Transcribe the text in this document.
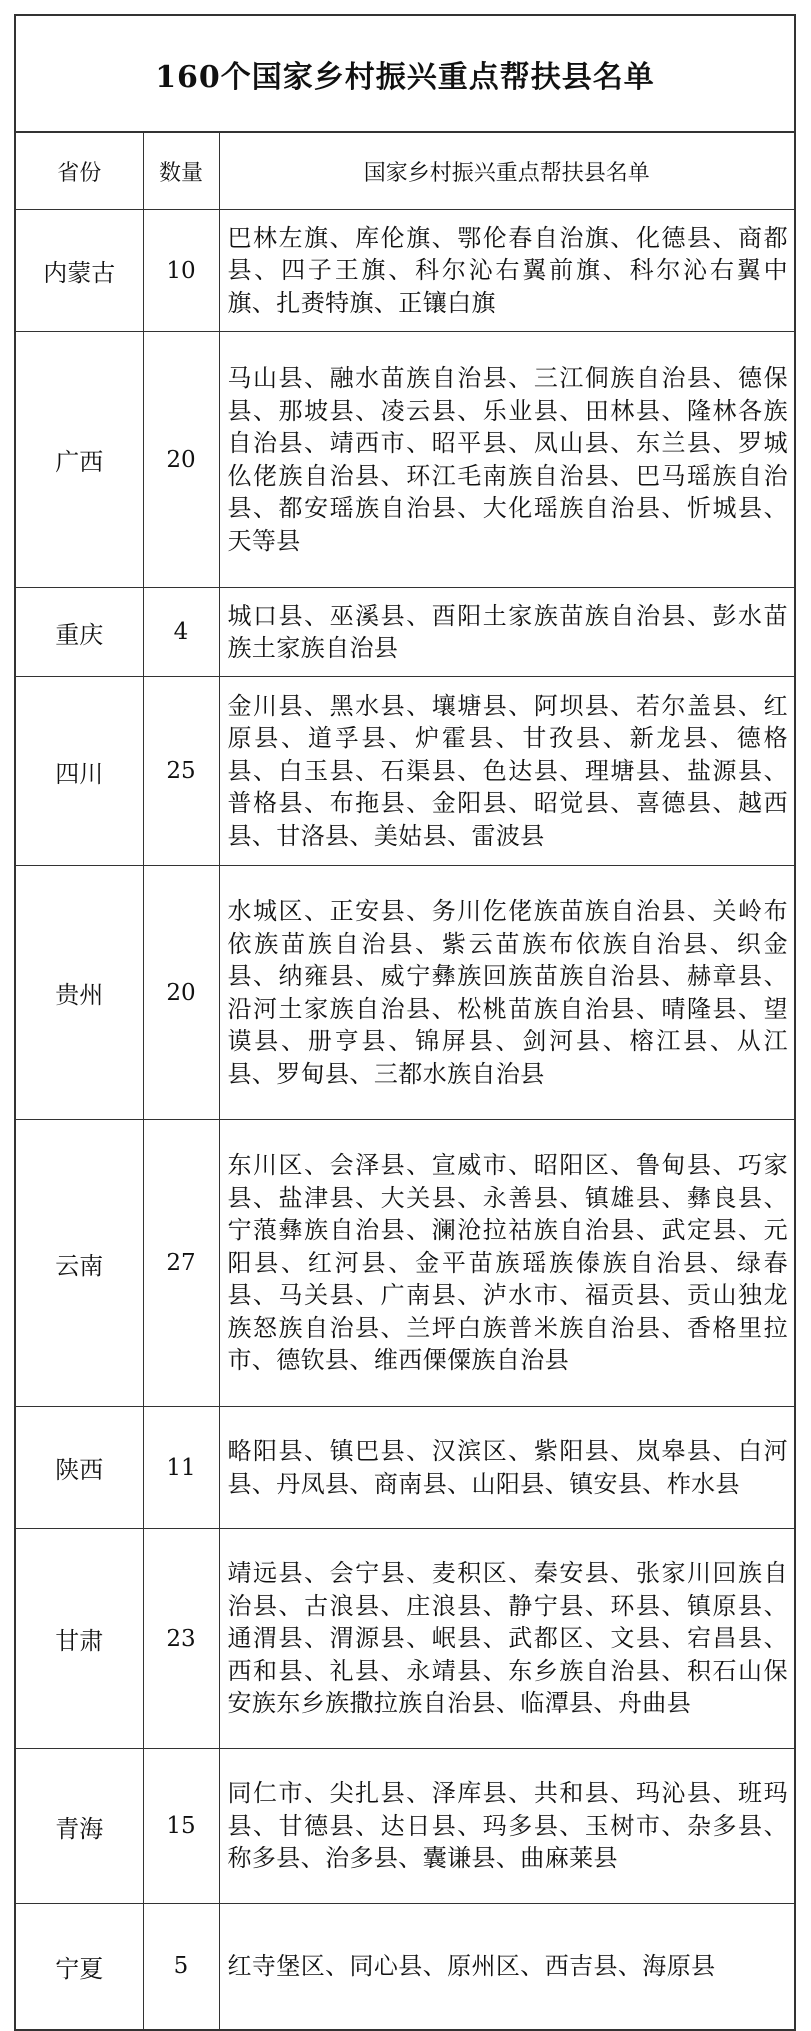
160个国家乡村振兴重点帮扶县名单
省份	数量	国家乡村振兴重点帮扶县名单
内蒙古	10	巴林左旗、库伦旗、鄂伦春自治旗、化德县、商都县、四子王旗、科尔沁右翼前旗、科尔沁右翼中旗、扎赉特旗、正镶白旗
广西	20	马山县、融水苗族自治县、三江侗族自治县、德保县、那坡县、凌云县、乐业县、田林县、隆林各族自治县、靖西市、昭平县、凤山县、东兰县、罗城仫佬族自治县、环江毛南族自治县、巴马瑶族自治县、都安瑶族自治县、大化瑶族自治县、忻城县、天等县
重庆	4	城口县、巫溪县、酉阳土家族苗族自治县、彭水苗族土家族自治县
四川	25	金川县、黑水县、壤塘县、阿坝县、若尔盖县、红原县、道孚县、炉霍县、甘孜县、新龙县、德格县、白玉县、石渠县、色达县、理塘县、盐源县、普格县、布拖县、金阳县、昭觉县、喜德县、越西县、甘洛县、美姑县、雷波县
贵州	20	水城区、正安县、务川仡佬族苗族自治县、关岭布依族苗族自治县、紫云苗族布依族自治县、织金县、纳雍县、威宁彝族回族苗族自治县、赫章县、沿河土家族自治县、松桃苗族自治县、晴隆县、望谟县、册亨县、锦屏县、剑河县、榕江县、从江县、罗甸县、三都水族自治县
云南	27	东川区、会泽县、宣威市、昭阳区、鲁甸县、巧家县、盐津县、大关县、永善县、镇雄县、彝良县、宁蒗彝族自治县、澜沧拉祜族自治县、武定县、元阳县、红河县、金平苗族瑶族傣族自治县、绿春县、马关县、广南县、泸水市、福贡县、贡山独龙族怒族自治县、兰坪白族普米族自治县、香格里拉市、德钦县、维西傈僳族自治县
陕西	11	略阳县、镇巴县、汉滨区、紫阳县、岚皋县、白河县、丹凤县、商南县、山阳县、镇安县、柞水县
甘肃	23	靖远县、会宁县、麦积区、秦安县、张家川回族自治县、古浪县、庄浪县、静宁县、环县、镇原县、通渭县、渭源县、岷县、武都区、文县、宕昌县、西和县、礼县、永靖县、东乡族自治县、积石山保安族东乡族撒拉族自治县、临潭县、舟曲县
青海	15	同仁市、尖扎县、泽库县、共和县、玛沁县、班玛县、甘德县、达日县、玛多县、玉树市、杂多县、称多县、治多县、囊谦县、曲麻莱县
宁夏	5	红寺堡区、同心县、原州区、西吉县、海原县
